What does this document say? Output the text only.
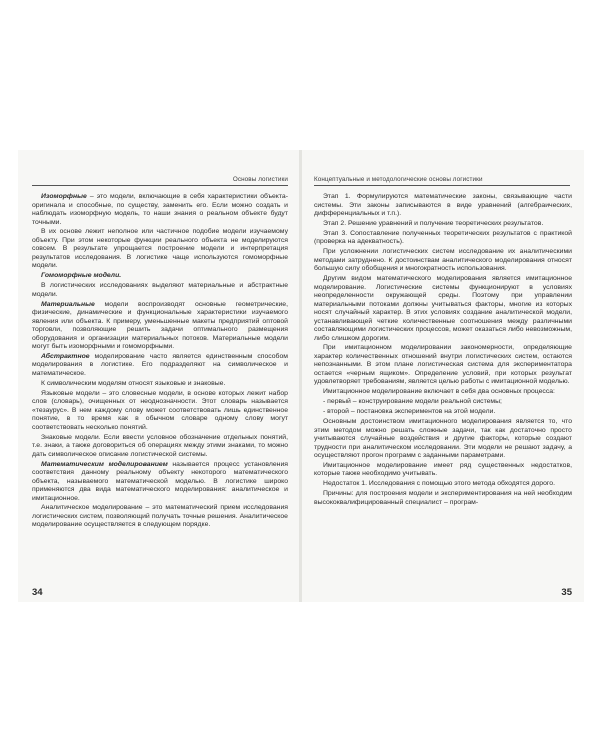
Основы логистики

Изоморфные – это модели, включающие в себя характеристики объекта-оригинала и способные, по существу, заменить его. Если можно создать и наблюдать изоморфную модель, то наши знания о реальном объекте будут точными.

В их основе лежит неполное или частичное подобие модели изучаемому объекту. При этом некоторые функции реального объекта не моделируются совсем. В результате упрощается построение модели и интерпретация результатов исследования. В логистике чаще используются гомоморфные модели.

Гомоморфные модели.

В логистических исследованиях выделяют материальные и абстрактные модели.

Материальные модели воспроизводят основные геометрические, физические, динамические и функциональные характеристики изучаемого явления или объекта. К примеру, уменьшенные макеты предприятий оптовой торговли, позволяющие решить задачи оптимального размещения оборудования и организации материальных потоков. Материальные модели могут быть изоморфными и гомоморфными.

Абстрактное моделирование часто является единственным способом моделирования в логистике. Его подразделяют на символическое и математическое.

К символическим моделям относят языковые и знаковые.

Языковые модели – это словесные модели, в основе которых лежит набор слов (словарь), очищенных от неоднозначности. Этот словарь называется «тезаурус». В нем каждому слову может соответствовать лишь единственное понятие, в то время как в обычном словаре одному слову могут соответствовать несколько понятий.

Знаковые модели. Если ввести условное обозначение отдельных понятий, т.е. знаки, а также договориться об операциях между этими знаками, то можно дать символическое описание логистической системы.

Математическим моделированием называется процесс установления соответствия данному реальному объекту некоторого математического объекта, называемого математической моделью. В логистике широко применяются два вида математического моделирования: аналитическое и имитационное.

Аналитическое моделирование – это математический прием исследования логистических систем, позволяющий получать точные решения. Аналитическое моделирование осуществляется в следующем порядке.

34
Концептуальные и методологические основы логистики

Этап 1. Формулируются математические законы, связывающие части системы. Эти законы записываются в виде уравнений (алгебраических, дифференциальных и т.п.).

Этап 2. Решение уравнений и получение теоретических результатов.

Этап 3. Сопоставление полученных теоретических результатов с практикой (проверка на адекватность).

При усложнении логистических систем исследование их аналитическими методами затруднено. К достоинствам аналитического моделирования относят большую силу обобщения и многократность использования.

Другим видом математического моделирования является имитационное моделирование. Логистические системы функционируют в условиях неопределенности окружающей среды. Поэтому при управлении материальными потоками должны учитываться факторы, многие из которых носят случайный характер. В этих условиях создание аналитической модели, устанавливающей четкие количественные соотношения между различными составляющими логистических процессов, может оказаться либо невозможным, либо слишком дорогим.

При имитационном моделировании закономерности, определяющие характер количественных отношений внутри логистических систем, остаются непознанными. В этом плане логистическая система для экспериментатора остается «черным ящиком». Определение условий, при которых результат удовлетворяет требованиям, является целью работы с имитационной моделью.

Имитационное моделирование включает в себя два основных процесса:

- первый – конструирование модели реальной системы;

- второй – постановка экспериментов на этой модели.

Основным достоинством имитационного моделирования является то, что этим методом можно решать сложные задачи, так как достаточно просто учитываются случайные воздействия и другие факторы, которые создают трудности при аналитическом исследовании. Эти модели не решают задачу, а осуществляют прогон программ с заданными параметрами.

Имитационное моделирование имеет ряд существенных недостатков, которые также необходимо учитывать.

Недостаток 1. Исследования с помощью этого метода обходятся дорого.

Причины: для построения модели и экспериментирования на ней необходим высококвалифицированный специалист – програм-

35
